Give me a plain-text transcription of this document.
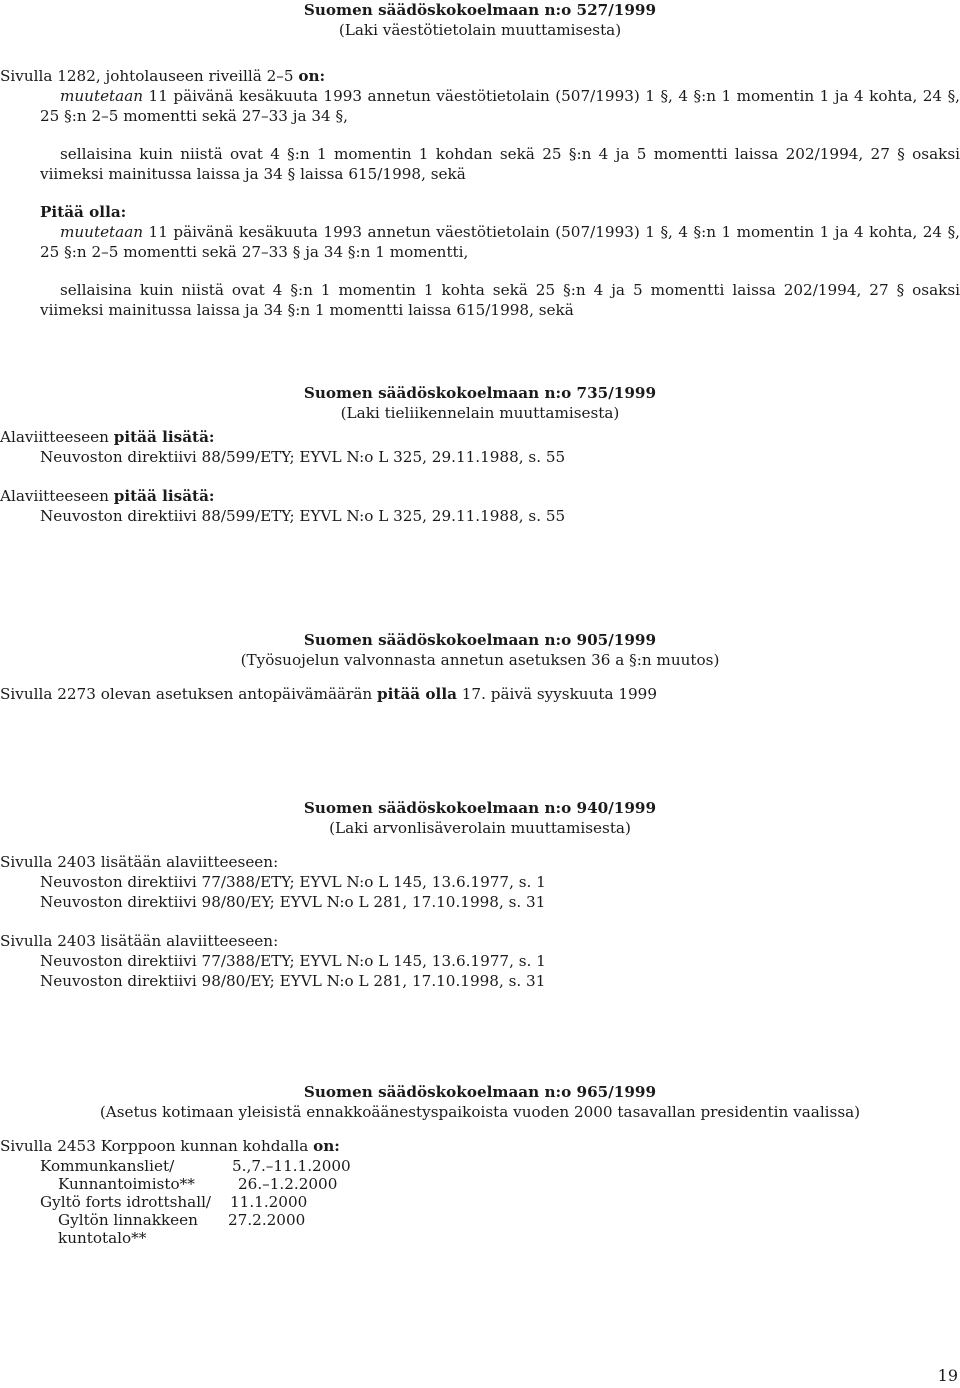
Suomen säädöskokoelmaan n:o 527/1999
(Laki väestötietolain muuttamisesta)
Sivulla 1282, johtolauseen riveillä 2–5 on:

muutetaan 11 päivänä kesäkuuta 1993 annetun väestötietolain (507/1993) 1 §, 4 §:n 1 momentin 1 ja 4 kohta, 24 §, 25 §:n 2–5 momentti sekä 27–33 ja 34 §,

sellaisina kuin niistä ovat 4 §:n 1 momentin 1 kohdan sekä 25 §:n 4 ja 5 momentti laissa 202/1994, 27 § osaksi viimeksi mainitussa laissa ja 34 § laissa 615/1998, sekä

Pitää olla:

muutetaan 11 päivänä kesäkuuta 1993 annetun väestötietolain (507/1993) 1 §, 4 §:n 1 momentin 1 ja 4 kohta, 24 §, 25 §:n 2–5 momentti sekä 27–33 § ja 34 §:n 1 momentti,

sellaisina kuin niistä ovat 4 §:n 1 momentin 1 kohta sekä 25 §:n 4 ja 5 momentti laissa 202/1994, 27 § osaksi viimeksi mainitussa laissa ja 34 §:n 1 momentti laissa 615/1998, sekä

Suomen säädöskokoelmaan n:o 735/1999
(Laki tieliikennelain muuttamisesta)
Alaviitteeseen pitää lisätä:
Neuvoston direktiivi 88/599/ETY; EYVL N:o L 325, 29.11.1988, s. 55
Alaviitteeseen pitää lisätä:
Neuvoston direktiivi 88/599/ETY; EYVL N:o L 325, 29.11.1988, s. 55
Suomen säädöskokoelmaan n:o 905/1999
(Työsuojelun valvonnasta annetun asetuksen 36 a §:n muutos)
Sivulla 2273 olevan asetuksen antopäivämäärän pitää olla 17. päivä syyskuuta 1999
Suomen säädöskokoelmaan n:o 940/1999
(Laki arvonlisäverolain muuttamisesta)
Sivulla 2403 lisätään alaviitteeseen:
Neuvoston direktiivi 77/388/ETY; EYVL N:o L 145, 13.6.1977, s. 1
Neuvoston direktiivi 98/80/EY; EYVL N:o L 281, 17.10.1998, s. 31
Sivulla 2403 lisätään alaviitteeseen:
Neuvoston direktiivi 77/388/ETY; EYVL N:o L 145, 13.6.1977, s. 1
Neuvoston direktiivi 98/80/EY; EYVL N:o L 281, 17.10.1998, s. 31
Suomen säädöskokoelmaan n:o 965/1999
(Asetus kotimaan yleisistä ennakkoäänestyspaikoista vuoden 2000 tasavallan presidentin vaalissa)
Sivulla 2453 Korppoon kunnan kohdalla on:
Kommunkansliet/	5.,7.–11.1.2000
Kunnantoimisto**	26.–1.2.2000
Gyltö forts idrottshall/ 11.1.2000
Gyltön linnakkeen 27.2.2000
kuntotalo**
19
